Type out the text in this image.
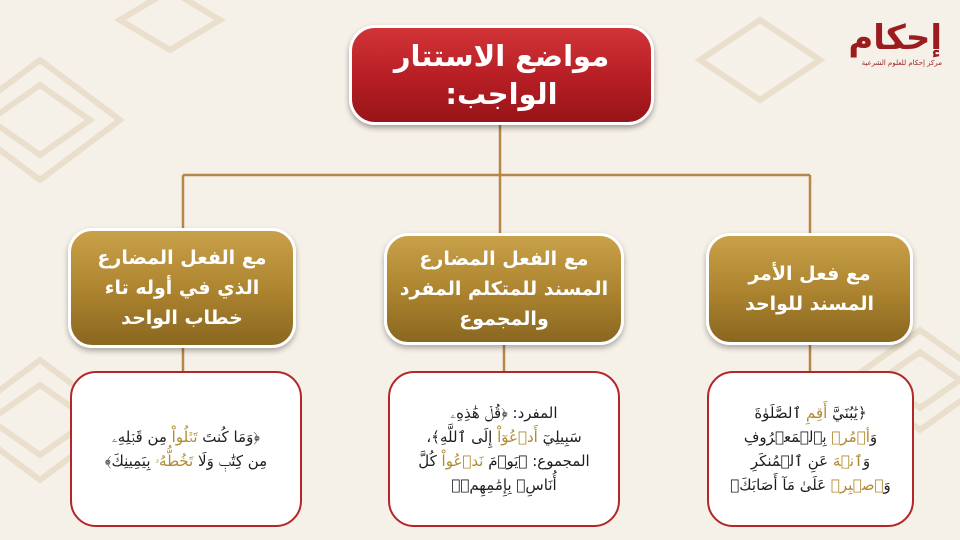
إحكام
مركز إحكام للعلوم الشرعية
مواضع الاستتار الواجب:
مع فعل الأمر المسند للواحد
مع الفعل المضارع المسند للمتكلم المفرد والمجموع
مع الفعل المضارع الذي في أوله تاء خطاب الواحد
﴿يَٰبُنَيَّ أَقِمِ ٱلصَّلَوٰةَ
وَأۡمُرۡ بِٱلۡمَعۡرُوفِ
وَٱنۡهَ عَنِ ٱلۡمُنكَرِ
وَٱصۡبِرۡ عَلَىٰ مَآ أَصَابَكَ﴾
المفرد: ﴿قُلۡ هَٰذِهِۦ
سَبِيلِيٓ أَدۡعُوٓاْ إِلَى ٱللَّهِ﴾،
المجموع: ﴿يَوۡمَ نَدۡعُواْ كُلَّ
أُنَاسِۭ بِإِمَٰمِهِمۡ﴾
﴿وَمَا كُنتَ تَتۡلُواْ مِن قَبۡلِهِۦ
مِن كِتَٰبٖ وَلَا تَخُطُّهُۥ بِيَمِينِكَ﴾
